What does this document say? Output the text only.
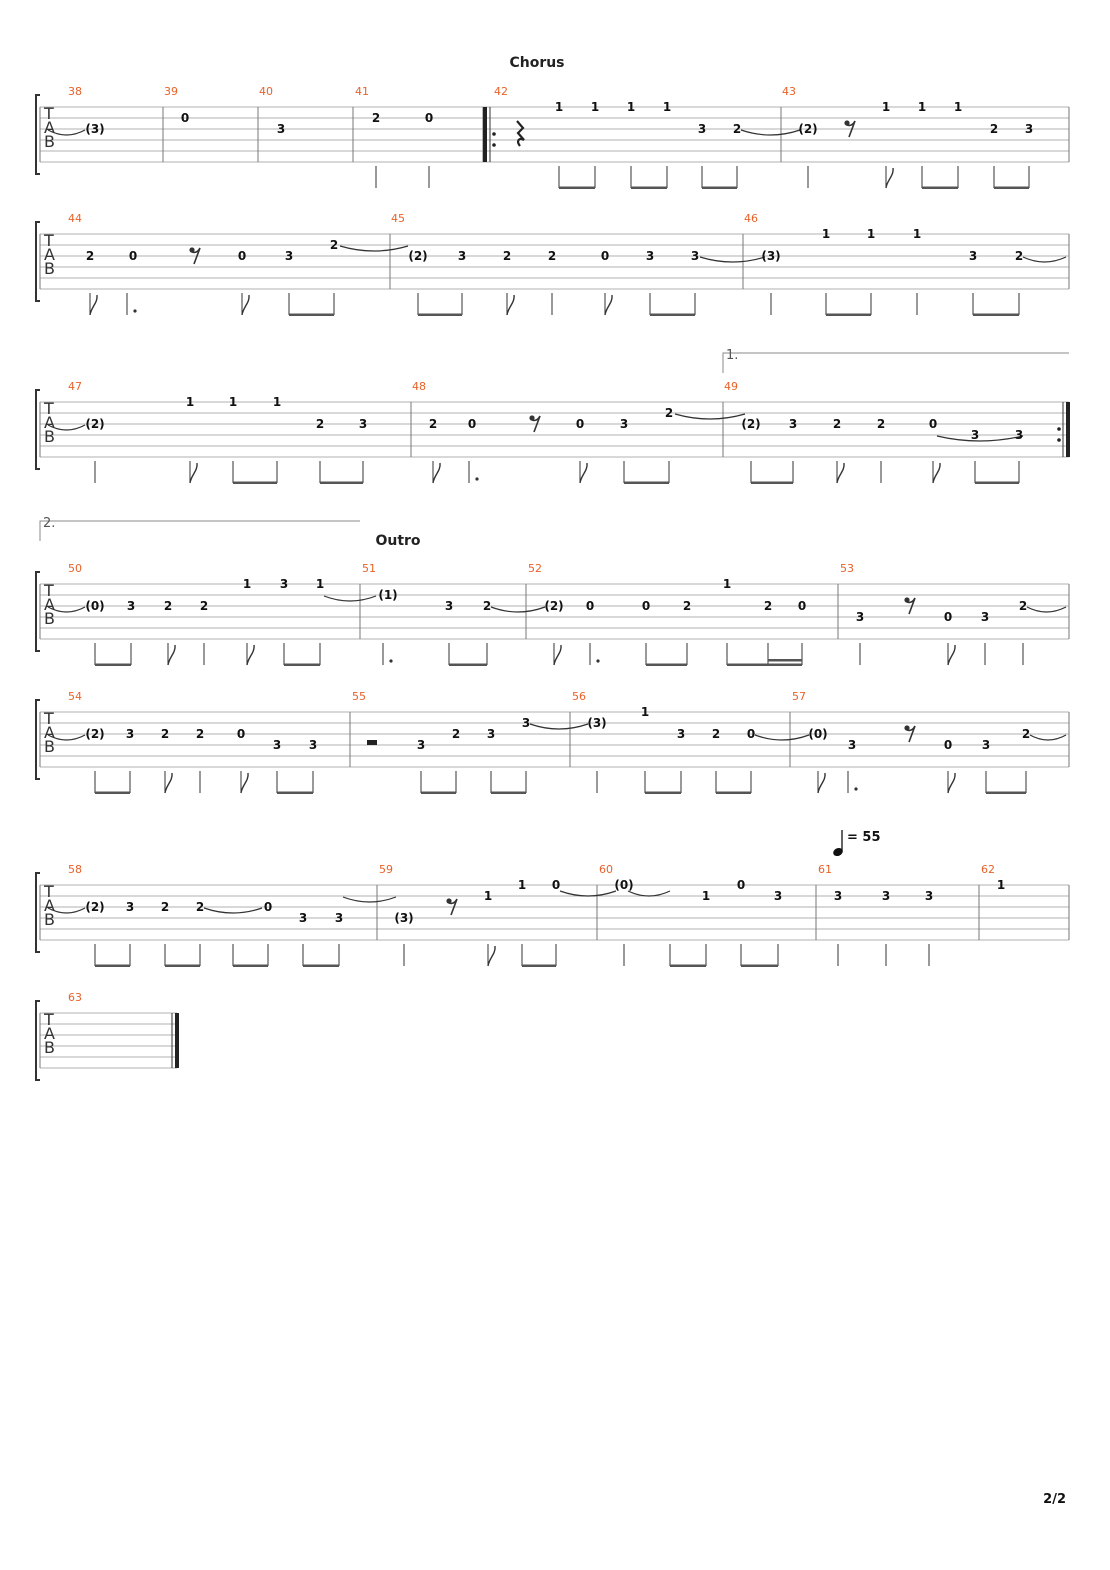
T
A
B
38	39	40	41	42	43
(3)
0
3
2	0
1 1 1 1
3 2	(2)
1 1 1
2 3
T
A
B
44	45	46
2	0	0	3
2
(2)	3	2	2	0	3	3	(3)
1	1	1
3	2
T
A
B
47	48	49
(2)
1	1	1
2	3	2	0	0	3
2
(2) 3	2	2	0
3	3
T
A
B
50	51	52	53
(0) 3 2 2
1 3 1
(1)
3 2	(2) 0	0	2
1
2 0
3	0 3
2
T
A
B
54	55	56	57
(2) 3 2 2	0
3 3	3
2 3
3	(3)
1
3 2 0	(0)
3	0 3
2
T
A
B
58	59	60	61	62
(2) 3 2 2	0
3 3	(3)
1
1 0	(0)
1
0
3	3	3	3
1
T
A
B
63
Chorus
Outro
1.
2.
= 55
2/2
